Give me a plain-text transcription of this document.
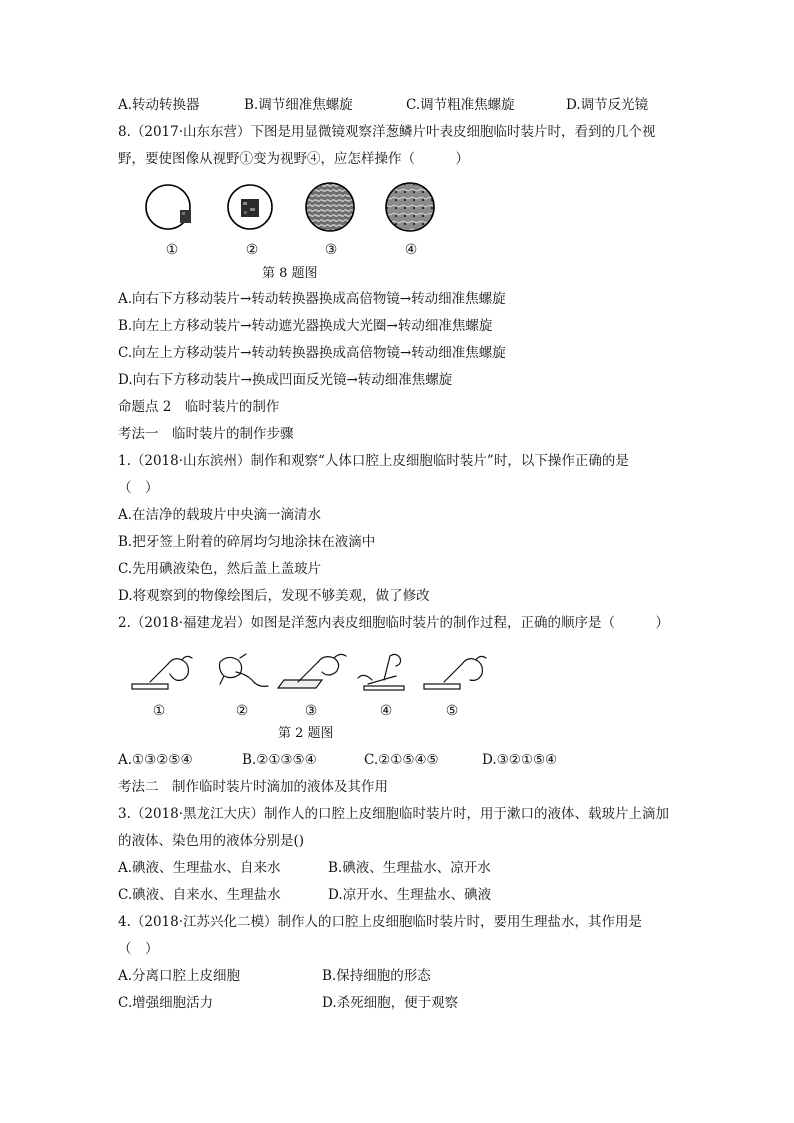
A.转动转换器	B.调节细准焦螺旋	C.调节粗准焦螺旋	D.调节反光镜
8.（2017·山东东营）下图是用显微镜观察洋葱鳞片叶表皮细胞临时装片时，看到的几个视
野，要使图像从视野①变为视野④，应怎样操作（　　　）
①	②	③	④
第 8 题图
A.向右下方移动装片→转动转换器换成高倍物镜→转动细准焦螺旋
B.向左上方移动装片→转动遮光器换成大光圈→转动细准焦螺旋
C.向左上方移动装片→转动转换器换成高倍物镜→转动细准焦螺旋
D.向右下方移动装片→换成凹面反光镜→转动细准焦螺旋
命题点 2　临时装片的制作
考法一　临时装片的制作步骤
1.（2018·山东滨州）制作和观察“人体口腔上皮细胞临时装片”时，以下操作正确的是
（　）
A.在洁净的载玻片中央滴一滴清水
B.把牙签上附着的碎屑均匀地涂抹在液滴中
C.先用碘液染色，然后盖上盖玻片
D.将观察到的物像绘图后，发现不够美观，做了修改
2.（2018·福建龙岩）如图是洋葱内表皮细胞临时装片的制作过程，正确的顺序是（　　　）
①	②	③	④	⑤
第 2 题图
A.①③②⑤④	B.②①③⑤④	C.②①⑤④⑤	D.③②①⑤④
考法二　制作临时装片时滴加的液体及其作用
3.（2018·黑龙江大庆）制作人的口腔上皮细胞临时装片时，用于漱口的液体、载玻片上滴加
的液体、染色用的液体分别是()
A.碘液、生理盐水、自来水	B.碘液、生理盐水、凉开水
C.碘液、自来水、生理盐水	D.凉开水、生理盐水、碘液
4.（2018·江苏兴化二模）制作人的口腔上皮细胞临时装片时，要用生理盐水，其作用是
（　）
A.分离口腔上皮细胞	B.保持细胞的形态
C.增强细胞活力	D.杀死细胞，便于观察
